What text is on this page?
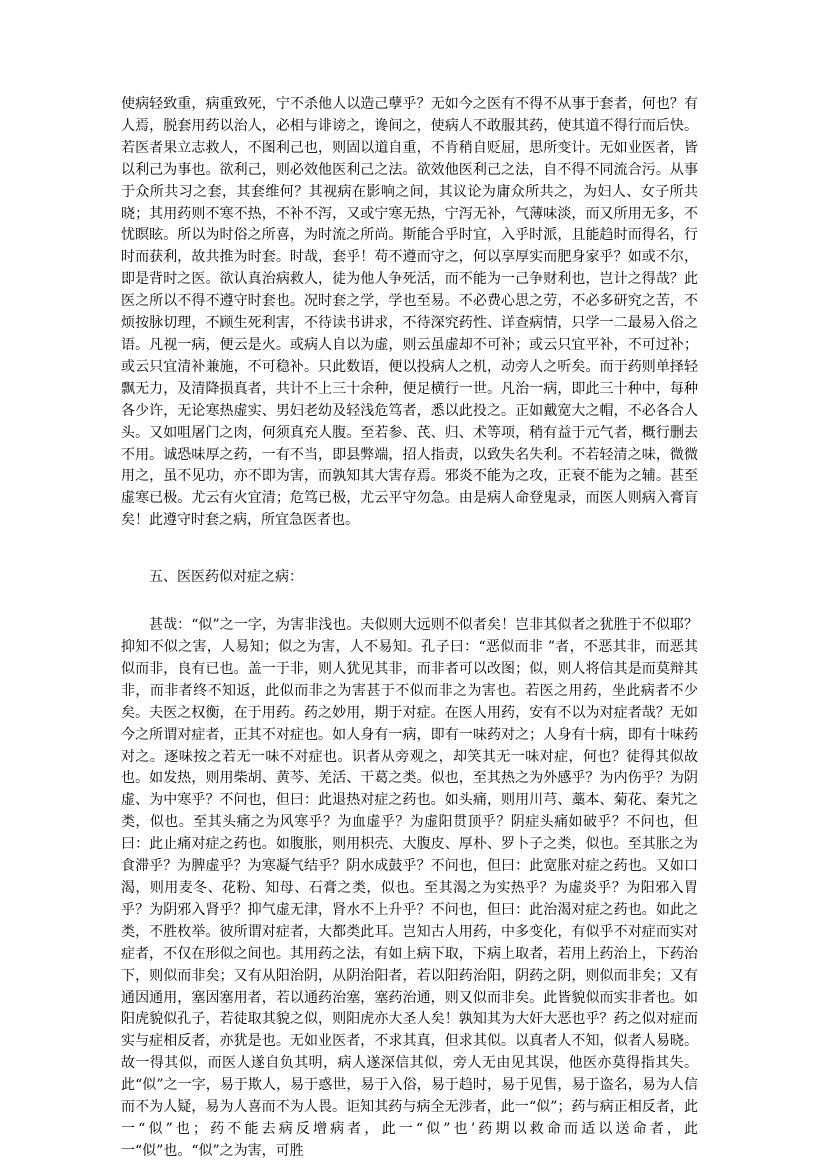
使病轻致重，病重致死，宁不杀他人以造己孽乎？无如今之医有不得不从事于套者，何也？有人焉，脱套用药以治人，必相与诽谤之，谗间之，使病人不敢服其药，使其道不得行而后快。若医者果立志救人，不图利己也，则固以道自重，不肯稍自贬屈，思所变计。无如业医者，皆以利己为事也。欲利己，则必效他医利己之法。欲效他医利己之法，自不得不同流合污。从事于众所共习之套，其套维何？其视病在影响之间，其议论为庸众所共之，为妇人、女子所共晓；其用药则不寒不热，不补不泻，又或宁寒无热，宁泻无补，气薄味淡，而又所用无多，不忧瞑眩。所以为时俗之所喜，为时流之所尚。斯能合乎时宜，入乎时派，且能趋时而得名，行时而获利，故共推为时套。时哉，套乎！苟不遵而守之，何以享厚实而肥身家乎？如或不尔，即是背时之医。欲认真治病救人，徒为他人争死活，而不能为一己争财利也，岂计之得哉？此医之所以不得不遵守时套也。况时套之学，学也至易。不必费心思之劳，不必多研究之苦，不烦按脉切理，不顾生死利害，不待读书讲求，不待深究药性、详查病情，只学一二最易入俗之语。凡视一病，便云是火。或病人自以为虚，则云虽虚却不可补；或云只宜平补，不可过补；或云只宜清补兼施，不可稳补。只此数语，便以投病人之机，动旁人之听矣。而于药则单择轻飘无力，及清降损真者，共计不上三十余种，便足横行一世。凡治一病，即此三十种中，每种各少许，无论寒热虚实、男妇老幼及轻浅危笃者，悉以此投之。正如戴宽大之帽，不必各合人头。又如咀屠门之肉，何须真充人腹。至若参、芪、归、术等项，稍有益于元气者，概行删去不用。诚恐味厚之药，一有不当，即县弊端，招人指责，以致失名失利。不若轻清之味，微微用之，虽不见功，亦不即为害，而孰知其大害存焉。邪炎不能为之攻，正衰不能为之辅。甚至虚寒已极。尤云有火宜清；危笃已极，尤云平守勿急。由是病人命登鬼录，而医人则病入膏肓矣！此遵守时套之病，所宜急医者也。

五、医医药似对症之病：

甚哉：“似”之一字，为害非浅也。夫似则大远则不似者矣！岂非其似者之犹胜于不似耶？抑知不似之害，人易知；似之为害，人不易知。孔子曰：“恶似而非 ”者，不恶其非，而恶其似而非，良有已也。盖一于非，则人犹见其非，而非者可以改图；似，则人将信其是而莫辩其非，而非者终不知返，此似而非之为害甚于不似而非之为害也。若医之用药，坐此病者不少矣。夫医之权衡，在于用药。药之妙用，期于对症。在医人用药，安有不以为对症者哉？无如今之所谓对症者，正其不对症也。如人身有一病，即有一味药对之；人身有十病，即有十味药对之。逐味按之若无一味不对症也。识者从旁观之，却笑其无一味对症，何也？徒得其似故也。如发热，则用柴胡、黄芩、羌活、干葛之类。似也，至其热之为外感乎？为内伤乎？为阴虚、为中寒乎？不问也，但曰：此退热对症之药也。如头痛，则用川芎、藁本、菊花、秦艽之类，似也。至其头痛之为风寒乎？为血虚乎？为虚阳贯顶乎？阴症头痛如破乎？不问也，但曰：此止痛对症之药也。如腹胀，则用枳壳、大腹皮、厚朴、罗卜子之类，似也。至其胀之为食滞乎？为脾虚乎？为寒凝气结乎？阴水成鼓乎？不问也，但曰：此宽胀对症之药也。又如口渴，则用麦冬、花粉、知母、石膏之类，似也。至其渴之为实热乎？为虚炎乎？为阳邪入胃乎？为阴邪入肾乎？抑气虚无津，肾水不上升乎？不问也，但曰：此治渴对症之药也。如此之类，不胜枚举。彼所谓对症者，大都类此耳。岂知古人用药，中多变化，有似乎不对症而实对症者，不仅在形似之间也。其用药之法，有如上病下取，下病上取者，若用上药治上，下药治下，则似而非矣；又有从阳治阴，从阴治阳者，若以阳药治阳，阴药之阴，则似而非矣；又有通因通用，塞因塞用者，若以通药治塞，塞药治通，则又似而非矣。此皆貌似而实非者也。如阳虎貌似孔子，若徒取其貌之似，则阳虎亦大圣人矣！孰知其为大奸大恶也乎？药之似对症而实与症相反者，亦犹是也。无如业医者，不求其真，但求其似。以真者人不知，似者人易晓。故一得其似，而医人遂自负其明，病人遂深信其似，旁人无由见其误，他医亦莫得指其失。此“似”之一字，易于欺人，易于惑世，易于入俗，易于趋时，易于见售，易于盗名，易为人信而不为人疑，易为人喜而不为人畏。讵知其药与病全无涉者，此一“似”；药与病正相反者，此一“似”也；药不能去病反增病者，此一“似”也’药期以救命而适以送命者，此一“似”也。“似”之为害，可胜
